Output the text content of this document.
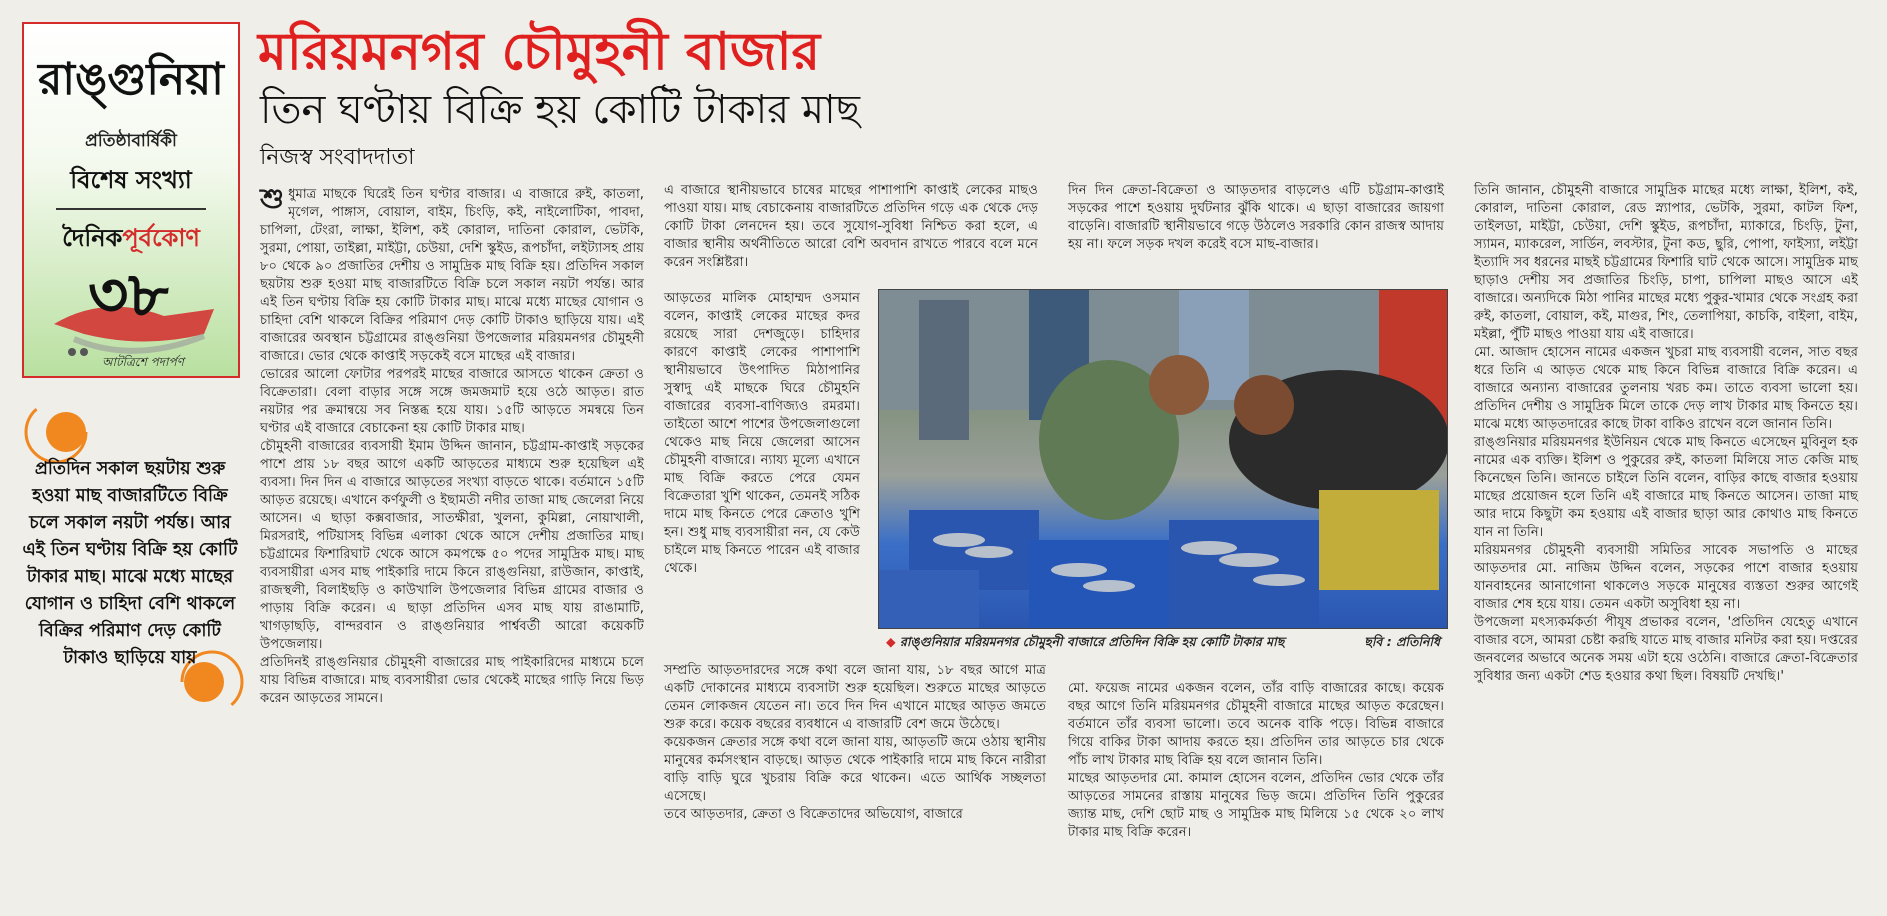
রাঙ্গুনিয়া
প্রতিষ্ঠাবার্ষিকী
বিশেষ সংখ্যা
দৈনিকপূর্বকোণ
৩৮
আটত্রিশে পদার্পণ
প্রতিদিন সকাল ছয়টায় শুরু হওয়া মাছ বাজারটিতে বিক্রি চলে সকাল নয়টা পর্যন্ত। আর এই তিন ঘণ্টায় বিক্রি হয় কোটি টাকার মাছ। মাঝে মধ্যে মাছের যোগান ও চাহিদা বেশি থাকলে বিক্রির পরিমাণ দেড় কোটি টাকাও ছাড়িয়ে যায়
মরিয়মনগর চৌমুহনী বাজার
তিন ঘণ্টায় বিক্রি হয় কোটি টাকার মাছ
নিজস্ব সংবাদদাতা

শুধুমাত্র মাছকে ঘিরেই তিন ঘণ্টার বাজার। এ বাজারে রুই, কাতলা, মৃগেল, পাঙ্গাস, বোয়াল, বাইম, চিংড়ি, কই, নাইলোটিকা, পাবদা, চাপিলা, টেংরা, লাক্ষা, ইলিশ, কই কোরাল, দাতিনা কোরাল, ভেটকি, সুরমা, পোয়া, তাইল্লা, মাইট্টা, চেউয়া, দেশি স্কুইড, রূপচাঁদা, লইট্যাসহ প্রায় ৮০ থেকে ৯০ প্রজাতির দেশীয় ও সামুদ্রিক মাছ বিক্রি হয়। প্রতিদিন সকাল ছয়টায় শুরু হওয়া মাছ বাজারটিতে বিক্রি চলে সকাল নয়টা পর্যন্ত। আর এই তিন ঘণ্টায় বিক্রি হয় কোটি টাকার মাছ। মাঝে মধ্যে মাছের যোগান ও চাহিদা বেশি থাকলে বিক্রির পরিমাণ দেড় কোটি টাকাও ছাড়িয়ে যায়। এই বাজারের অবস্থান চট্টগ্রামের রাঙ্গুনিয়া উপজেলার মরিয়মনগর চৌমুহনী বাজারে। ভোর থেকে কাপ্তাই সড়কেই বসে মাছের এই বাজার।

ভোরের আলো ফোটার পরপরই মাছের বাজারে আসতে থাকেন ক্রেতা ও বিক্রেতারা। বেলা বাড়ার সঙ্গে সঙ্গে জমজমাট হয়ে ওঠে আড়ত। রাত নয়টার পর ক্রমান্বয়ে সব নিস্তব্ধ হয়ে যায়। ১৫টি আড়তে সমন্বয়ে তিন ঘণ্টার এই বাজারে বেচাকেনা হয় কোটি টাকার মাছ।

চৌমুহনী বাজারের ব্যবসায়ী ইমাম উদ্দিন জানান, চট্টগ্রাম-কাপ্তাই সড়কের পাশে প্রায় ১৮ বছর আগে একটি আড়তের মাধ্যমে শুরু হয়েছিল এই ব্যবসা। দিন দিন এ বাজারে আড়তের সংখ্যা বাড়তে থাকে। বর্তমানে ১৫টি আড়ত রয়েছে। এখানে কর্ণফুলী ও ইছামতী নদীর তাজা মাছ জেলেরা নিয়ে আসেন। এ ছাড়া কক্সবাজার, সাতক্ষীরা, খুলনা, কুমিল্লা, নোয়াখালী, মিরসরাই, পটিয়াসহ বিভিন্ন এলাকা থেকে আসে দেশীয় প্রজাতির মাছ। চট্টগ্রামের ফিশারিঘাট থেকে আসে কমপক্ষে ৫০ পদের সামুদ্রিক মাছ। মাছ ব্যবসায়ীরা এসব মাছ পাইকারি দামে কিনে রাঙ্গুনিয়া, রাউজান, কাপ্তাই, রাজস্থলী, বিলাইছড়ি ও কাউখালি উপজেলার বিভিন্ন গ্রামের বাজার ও পাড়ায় বিক্রি করেন। এ ছাড়া প্রতিদিন এসব মাছ যায় রাঙামাটি, খাগড়াছড়ি, বান্দরবান ও রাঙ্গুনিয়ার পার্শ্ববর্তী আরো কয়েকটি উপজেলায়।

প্রতিদিনই রাঙ্গুনিয়ার চৌমুহনী বাজারের মাছ পাইকারিদের মাধ্যমে চলে যায় বিভিন্ন বাজারে। মাছ ব্যবসায়ীরা ভোর থেকেই মাছের গাড়ি নিয়ে ভিড় করেন আড়তের সামনে।

এ বাজারে স্থানীয়ভাবে চাষের মাছের পাশাপাশি কাপ্তাই লেকের মাছও পাওয়া যায়। মাছ বেচাকেনায় বাজারটিতে প্রতিদিন গড়ে এক থেকে দেড় কোটি টাকা লেনদেন হয়। তবে সুযোগ-সুবিধা নিশ্চিত করা হলে, এ বাজার স্থানীয় অর্থনীতিতে আরো বেশি অবদান রাখতে পারবে বলে মনে করেন সংশ্লিষ্টরা।

আড়তের মালিক মোহাম্মদ ওসমান বলেন, কাপ্তাই লেকের মাছের কদর রয়েছে সারা দেশজুড়ে। চাহিদার কারণে কাপ্তাই লেকের পাশাপাশি স্থানীয়ভাবে উৎপাদিত মিঠাপানির সুস্বাদু এই মাছকে ঘিরে চৌমুহনি বাজারের ব্যবসা-বাণিজ্যও রমরমা। তাইতো আশে পাশের উপজেলাগুলো থেকেও মাছ নিয়ে জেলেরা আসেন চৌমুহনী বাজারে। ন্যায্য মূল্যে এখানে মাছ বিক্রি করতে পেরে যেমন বিক্রেতারা খুশি থাকেন, তেমনই সঠিক দামে মাছ কিনতে পেরে ক্রেতাও খুশি হন। শুধু মাছ ব্যবসায়ীরা নন, যে কেউ চাইলে মাছ কিনতে পারেন এই বাজার থেকে।

সম্প্রতি আড়তদারদের সঙ্গে কথা বলে জানা যায়, ১৮ বছর আগে মাত্র একটি দোকানের মাধ্যমে ব্যবসাটা শুরু হয়েছিল। শুরুতে মাছের আড়তে তেমন লোকজন যেতেন না। তবে দিন দিন এখানে মাছের আড়ত জমতে শুরু করে। কয়েক বছরের ব্যবধানে এ বাজারটি বেশ জমে উঠেছে।

কয়েকজন ক্রেতার সঙ্গে কথা বলে জানা যায়, আড়তটি জমে ওঠায় স্থানীয় মানুষের কর্মসংস্থান বাড়ছে। আড়ত থেকে পাইকারি দামে মাছ কিনে নারীরা বাড়ি বাড়ি ঘুরে খুচরায় বিক্রি করে থাকেন। এতে আর্থিক সচ্ছলতা এসেছে।

তবে আড়তদার, ক্রেতা ও বিক্রেতাদের অভিযোগ, বাজারে

দিন দিন ক্রেতা-বিক্রেতা ও আড়তদার বাড়লেও এটি চট্টগ্রাম-কাপ্তাই সড়কের পাশে হওয়ায় দুর্ঘটনার ঝুঁকি থাকে। এ ছাড়া বাজারের জায়গা বাড়েনি। বাজারটি স্থানীয়ভাবে গড়ে উঠলেও সরকারি কোন রাজস্ব আদায় হয় না। ফলে সড়ক দখল করেই বসে মাছ-বাজার।

মো. ফয়েজ নামের একজন বলেন, তাঁর বাড়ি বাজারের কাছে। কয়েক বছর আগে তিনি মরিয়মনগর চৌমুহনী বাজারে মাছের আড়ত করেছেন। বর্তমানে তাঁর ব্যবসা ভালো। তবে অনেক বাকি পড়ে। বিভিন্ন বাজারে গিয়ে বাকির টাকা আদায় করতে হয়। প্রতিদিন তার আড়তে চার থেকে পাঁচ লাখ টাকার মাছ বিক্রি হয় বলে জানান তিনি।

মাছের আড়তদার মো. কামাল হোসেন বলেন, প্রতিদিন ভোর থেকে তাঁর আড়তের সামনের রাস্তায় মানুষের ভিড় জমে। প্রতিদিন তিনি পুকুরের জ্যান্ত মাছ, দেশি ছোট মাছ ও সামুদ্রিক মাছ মিলিয়ে ১৫ থেকে ২০ লাখ টাকার মাছ বিক্রি করেন।

◆ রাঙ্গুনিয়ার মরিয়মনগর চৌমুহনী বাজারে প্রতিদিন বিক্রি হয় কোটি টাকার মাছ	ছবি : প্রতিনিধি

তিনি জানান, চৌমুহনী বাজারে সামুদ্রিক মাছের মধ্যে লাক্ষা, ইলিশ, কই, কোরাল, দাতিনা কোরাল, রেড স্ন্যাপার, ভেটকি, সুরমা, কাটল ফিশ, তাইলডা, মাইট্টা, চেউয়া, দেশি স্কুইড, রূপচাঁদা, ম্যাকারে, চিংড়ি, টুনা, স্যামন, ম্যাকরেল, সার্ডিন, লবস্টার, টুনা কড, ছুরি, পোপা, ফাইস্যা, লইট্টা ইত্যাদি সব ধরনের মাছই চট্টগ্রামের ফিশারি ঘাট থেকে আসে। সামুদ্রিক মাছ ছাড়াও দেশীয় সব প্রজাতির চিংড়ি, চাপা, চাপিলা মাছও আসে এই বাজারে। অন্যদিকে মিঠা পানির মাছের মধ্যে পুকুর-খামার থেকে সংগ্রহ করা রুই, কাতলা, বোয়াল, কই, মাগুর, শিং, তেলাপিয়া, কাচকি, বাইলা, বাইম, মইল্লা, পুঁটি মাছও পাওয়া যায় এই বাজারে।

মো. আজাদ হোসেন নামের একজন খুচরা মাছ ব্যবসায়ী বলেন, সাত বছর ধরে তিনি এ আড়ত থেকে মাছ কিনে বিভিন্ন বাজারে বিক্রি করেন। এ বাজারে অন্যান্য বাজারের তুলনায় খরচ কম। তাতে ব্যবসা ভালো হয়। প্রতিদিন দেশীয় ও সামুদ্রিক মিলে তাকে দেড় লাখ টাকার মাছ কিনতে হয়। মাঝে মধ্যে আড়তদারের কাছে টাকা বাকিও রাখেন বলে জানান তিনি।

রাঙ্গুনিয়ার মরিয়মনগর ইউনিয়ন থেকে মাছ কিনতে এসেছেন মুবিনুল হক নামের এক ব্যক্তি। ইলিশ ও পুকুরের রুই, কাতলা মিলিয়ে সাত কেজি মাছ কিনেছেন তিনি। জানতে চাইলে তিনি বলেন, বাড়ির কাছে বাজার হওয়ায় মাছের প্রয়োজন হলে তিনি এই বাজারে মাছ কিনতে আসেন। তাজা মাছ আর দামে কিছুটা কম হওয়ায় এই বাজার ছাড়া আর কোথাও মাছ কিনতে যান না তিনি।

মরিয়মনগর চৌমুহনী ব্যবসায়ী সমিতির সাবেক সভাপতি ও মাছের আড়তদার মো. নাজিম উদ্দিন বলেন, সড়কের পাশে বাজার হওয়ায় যানবাহনের আনাগোনা থাকলেও সড়কে মানুষের ব্যস্ততা শুরুর আগেই বাজার শেষ হয়ে যায়। তেমন একটা অসুবিধা হয় না।

উপজেলা মৎস্যকর্মকর্তা পীযূষ প্রভাকর বলেন, 'প্রতিদিন যেহেতু এখানে বাজার বসে, আমরা চেষ্টা করছি যাতে মাছ বাজার মনিটর করা হয়। দপ্তরের জনবলের অভাবে অনেক সময় এটা হয়ে ওঠেনি। বাজারে ক্রেতা-বিক্রেতার সুবিধার জন্য একটা শেড হওয়ার কথা ছিল। বিষয়টি দেখছি।'
